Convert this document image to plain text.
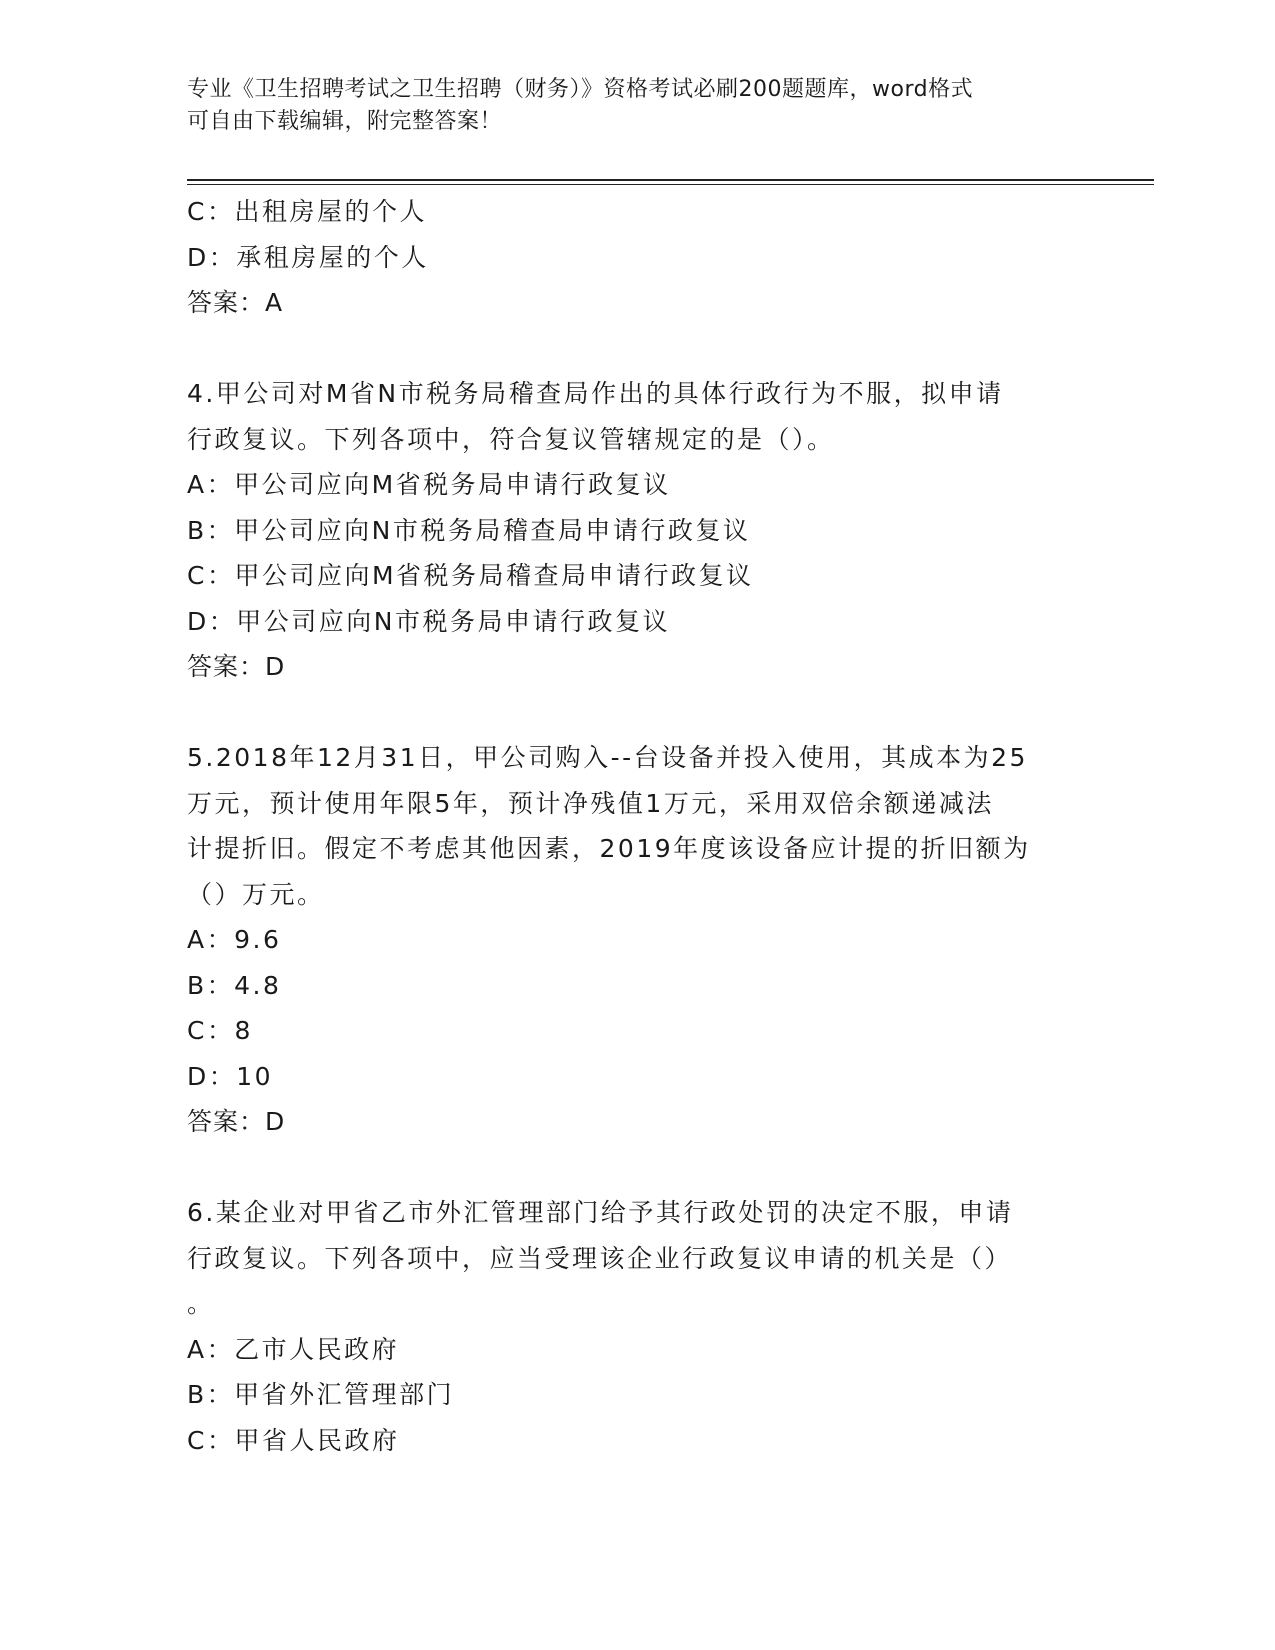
专业《卫生招聘考试之卫生招聘（财务）》资格考试必刷200题题库，word格式
可自由下载编辑，附完整答案！
C：出租房屋的个人
D：承租房屋的个人
答案：A
4.甲公司对M省N市税务局稽查局作出的具体行政行为不服，拟申请
行政复议。下列各项中，符合复议管辖规定的是（）。
A：甲公司应向M省税务局申请行政复议
B：甲公司应向N市税务局稽查局申请行政复议
C：甲公司应向M省税务局稽查局申请行政复议
D：甲公司应向N市税务局申请行政复议
答案：D
5.2018年12月31日，甲公司购入--台设备并投入使用，其成本为25
万元，预计使用年限5年，预计净残值1万元，采用双倍余额递减法
计提折旧。假定不考虑其他因素，2019年度该设备应计提的折旧额为
（）万元。
A：9.6
B：4.8
C：8
D：10
答案：D
6.某企业对甲省乙市外汇管理部门给予其行政处罚的决定不服，申请
行政复议。下列各项中，应当受理该企业行政复议申请的机关是（）
。
A：乙市人民政府
B：甲省外汇管理部门
C：甲省人民政府
